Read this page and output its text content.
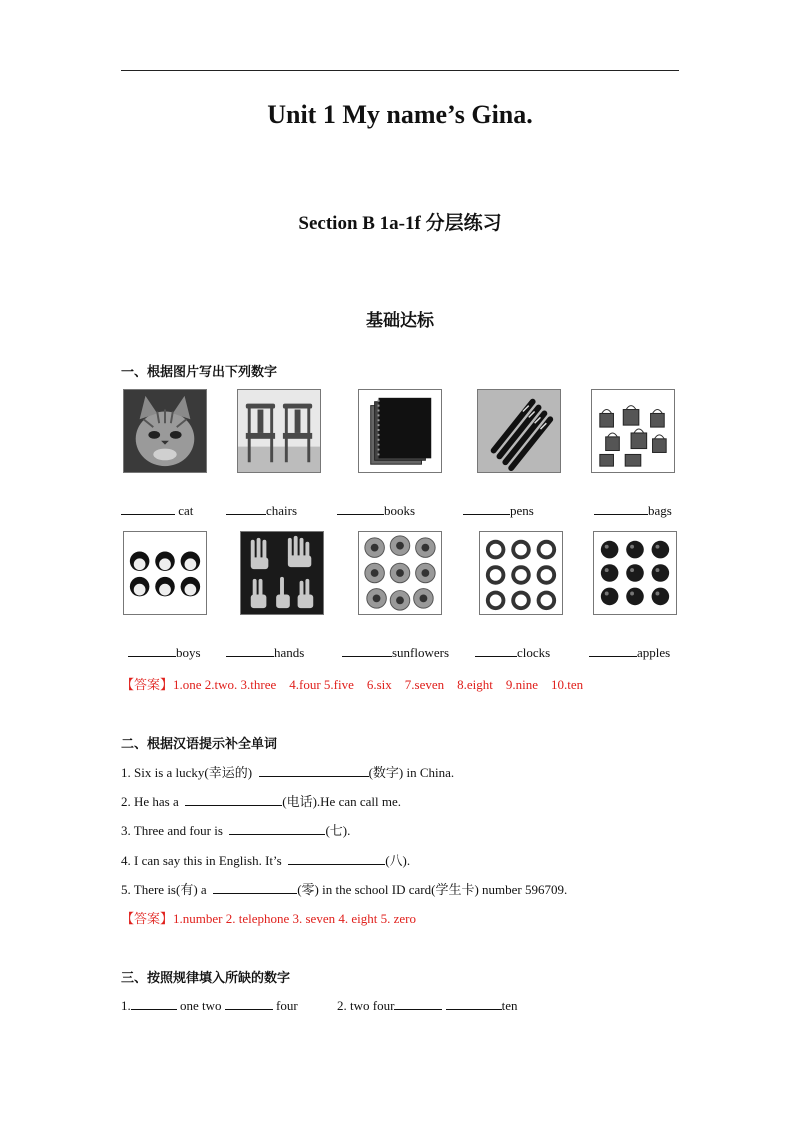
Unit 1 My name’s Gina.
Section B 1a-1f 分层练习
基础达标
一、根据图片写出下列数字
cat	chairs	books	pens	bags
boys	hands	sunflowers	clocks	apples
【答案】1.one 2.two. 3.three    4.four 5.five    6.six    7.seven    8.eight    9.nine    10.ten
二、根据汉语提示补全单词
1. Six is a lucky(幸运的)	(数字) in China.
2. He has a	(电话).He can call me.
3. Three and four is	(七).
4. I can say this in English. It’s	(八).
5. There is(有) a	(零) in the school ID card(学生卡) number 596709.
【答案】1.number 2. telephone 3. seven 4. eight 5. zero
三、按照规律填入所缺的数字
1.	one two	four	2. two four	ten
